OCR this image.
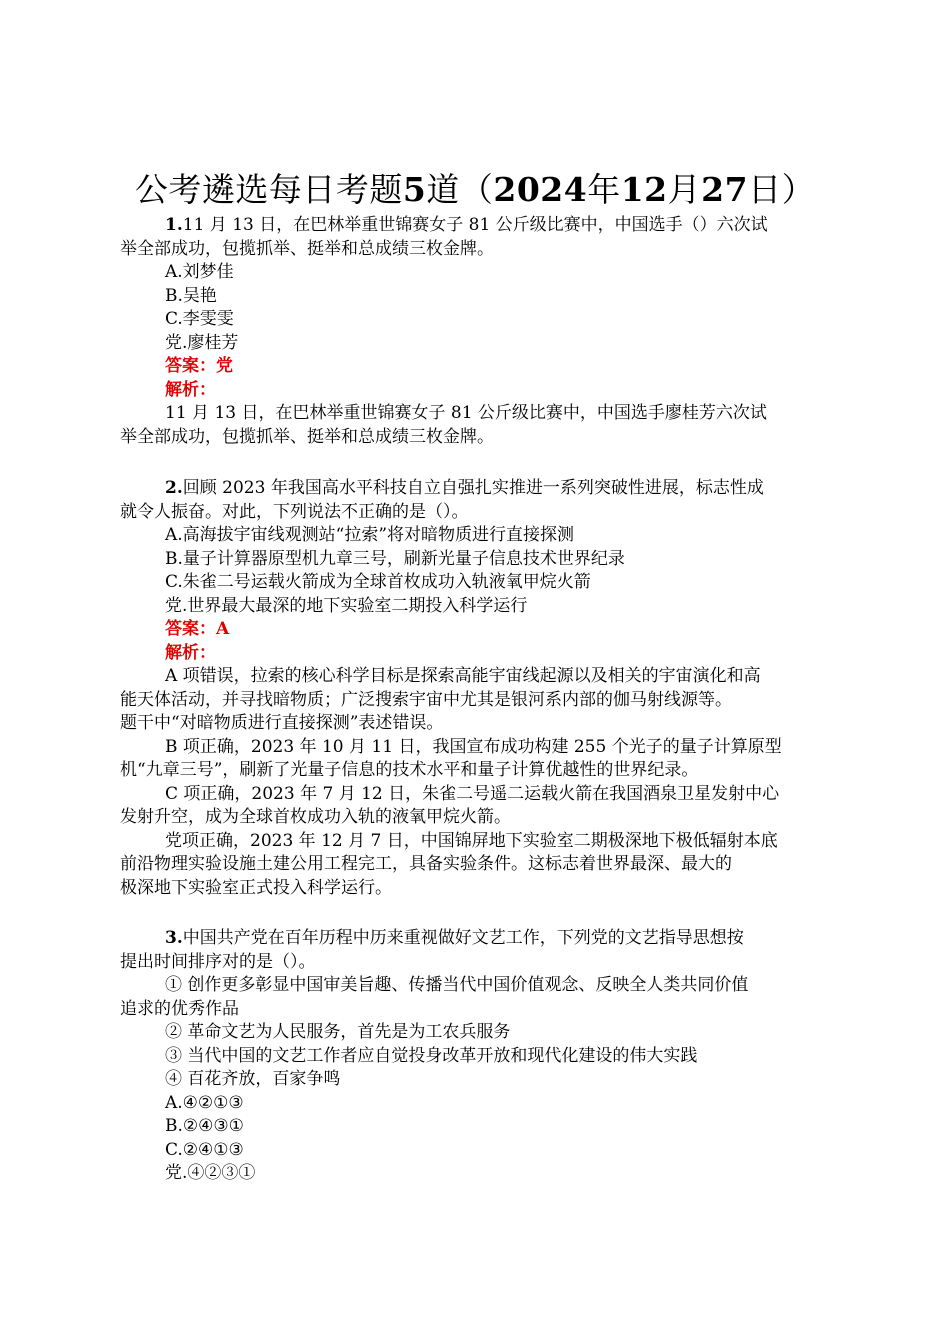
公考遴选每日考题5道（2024年12月27日）
1.11 月 13 日，在巴林举重世锦赛女子 81 公斤级比赛中，中国选手（）六次试
举全部成功，包揽抓举、挺举和总成绩三枚金牌。
A.刘梦佳
B.吴艳
C.李雯雯
党.廖桂芳
答案：党
解析：
11 月 13 日，在巴林举重世锦赛女子 81 公斤级比赛中，中国选手廖桂芳六次试
举全部成功，包揽抓举、挺举和总成绩三枚金牌。
2.回顾 2023 年我国高水平科技自立自强扎实推进一系列突破性进展，标志性成
就令人振奋。对此，下列说法不正确的是（）。
A.高海拔宇宙线观测站“拉索”将对暗物质进行直接探测
B.量子计算器原型机九章三号，刷新光量子信息技术世界纪录
C.朱雀二号运载火箭成为全球首枚成功入轨液氧甲烷火箭
党.世界最大最深的地下实验室二期投入科学运行
答案：A
解析：
A 项错误，拉索的核心科学目标是探索高能宇宙线起源以及相关的宇宙演化和高
能天体活动，并寻找暗物质；广泛搜索宇宙中尤其是银河系内部的伽马射线源等。
题干中“对暗物质进行直接探测”表述错误。
B 项正确，2023 年 10 月 11 日，我国宣布成功构建 255 个光子的量子计算原型
机“九章三号”，刷新了光量子信息的技术水平和量子计算优越性的世界纪录。
C 项正确，2023 年 7 月 12 日，朱雀二号遥二运载火箭在我国酒泉卫星发射中心
发射升空，成为全球首枚成功入轨的液氧甲烷火箭。
党项正确，2023 年 12 月 7 日，中国锦屏地下实验室二期极深地下极低辐射本底
前沿物理实验设施土建公用工程完工，具备实验条件。这标志着世界最深、最大的
极深地下实验室正式投入科学运行。
3.中国共产党在百年历程中历来重视做好文艺工作，下列党的文艺指导思想按
提出时间排序对的是（）。
① 创作更多彰显中国审美旨趣、传播当代中国价值观念、反映全人类共同价值
追求的优秀作品
② 革命文艺为人民服务，首先是为工农兵服务
③ 当代中国的文艺工作者应自觉投身改革开放和现代化建设的伟大实践
④ 百花齐放，百家争鸣
A.④②①③
B.②④③①
C.②④①③
党.④②③①
